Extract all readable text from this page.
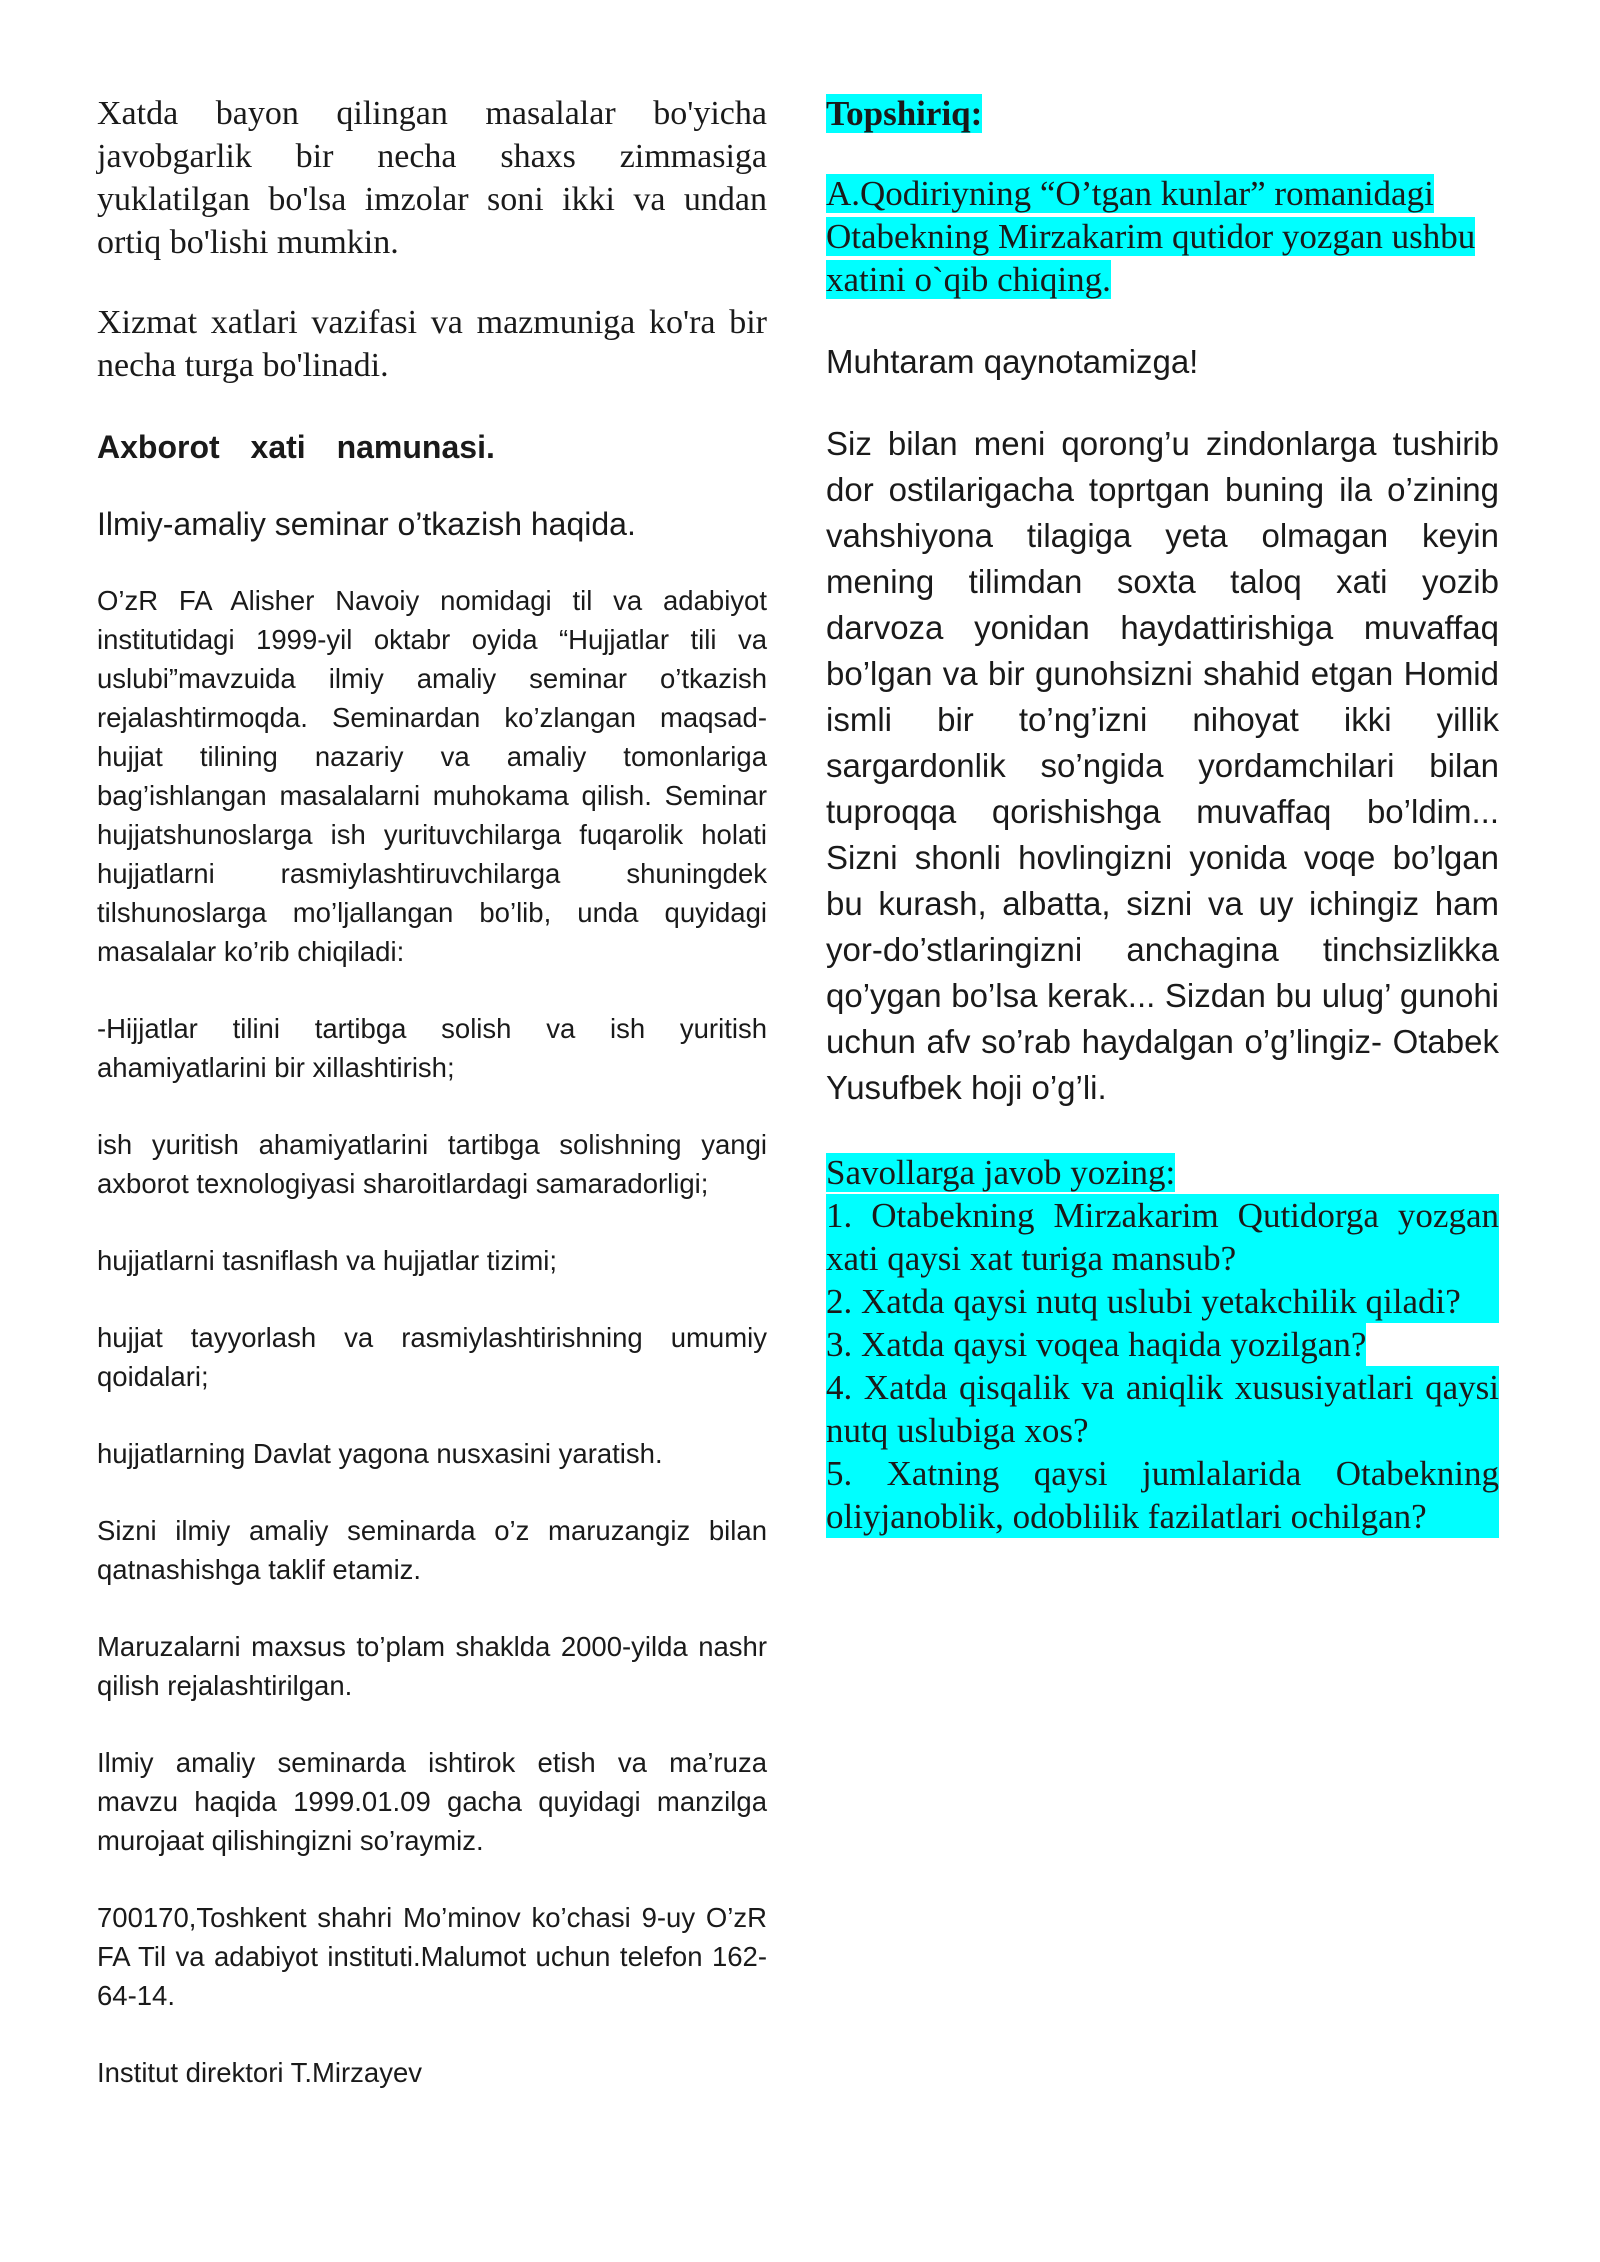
Xatda bayon qilingan masalalar bo'yicha javobgarlik bir necha shaxs zimmasiga yuklatilgan bo'lsa imzolar soni ikki va undan ortiq bo'lishi mumkin.

Xizmat xatlari vazifasi va mazmuniga ko'ra bir necha turga bo'linadi.

Axborot xati namunasi.

Ilmiy-amaliy seminar o’tkazish haqida.

O’zR FA Alisher Navoiy nomidagi til va adabiyot institutidagi 1999-yil oktabr oyida “Hujjatlar tili va uslubi”mavzuida ilmiy amaliy seminar o’tkazish rejalashtirmoqda. Seminardan ko’zlangan maqsad- hujjat tilining nazariy va amaliy tomonlariga bag’ishlangan masalalarni muhokama qilish. Seminar hujjatshunoslarga ish yurituvchilarga fuqarolik holati hujjatlarni rasmiylashtiruvchilarga shuningdek tilshunoslarga mo’ljallangan bo’lib, unda quyidagi masalalar ko’rib chiqiladi:

-Hijjatlar tilini tartibga solish va ish yuritish ahamiyatlarini bir xillashtirish;

ish yuritish ahamiyatlarini tartibga solishning yangi axborot texnologiyasi sharoitlardagi samaradorligi;

hujjatlarni tasniflash va hujjatlar tizimi;

hujjat tayyorlash va rasmiylashtirishning umumiy qoidalari;

hujjatlarning Davlat yagona nusxasini yaratish.

Sizni ilmiy amaliy seminarda o’z maruzangiz bilan qatnashishga taklif etamiz.

Maruzalarni maxsus to’plam shaklda 2000-yilda nashr qilish rejalashtirilgan.

Ilmiy amaliy seminarda ishtirok etish va ma’ruza mavzu haqida 1999.01.09 gacha quyidagi manzilga murojaat qilishingizni so’raymiz.

700170,Toshkent shahri Mo’minov ko’chasi 9-uy O’zR FA Til va adabiyot instituti.Malumot uchun telefon 162-64-14.

Institut direktori T.Mirzayev

Topshiriq:

A.Qodiriyning “O’tgan kunlar” romanidagi Otabekning Mirzakarim qutidor yozgan ushbu xatini o`qib chiqing.

Muhtaram qaynotamizga!

Siz bilan meni qorong’u zindonlarga tushirib dor ostilarigacha toprtgan buning ila o’zining vahshiyona tilagiga yeta olmagan keyin mening tilimdan soxta taloq xati yozib darvoza yonidan haydattirishiga muvaffaq bo’lgan va bir gunohsizni shahid etgan Homid ismli bir to’ng’izni nihoyat ikki yillik sargardonlik so’ngida yordamchilari bilan tuproqqa qorishishga muvaffaq bo’ldim... Sizni shonli hovlingizni yonida voqe bo’lgan bu kurash, albatta, sizni va uy ichingiz ham yor-do’stlaringizni anchagina tinchsizlikka qo’ygan bo’lsa kerak... Sizdan bu ulug’ gunohi uchun afv so’rab haydalgan o’g’lingiz- Otabek Yusufbek hoji o’g’li.

Savollarga javob yozing:

1. Otabekning Mirzakarim Qutidorga yozgan xati qaysi xat turiga mansub?

2. Xatda qaysi nutq uslubi yetakchilik qiladi?

3. Xatda qaysi voqea haqida yozilgan?

4. Xatda qisqalik va aniqlik xususiyatlari qaysi nutq uslubiga xos?

5. Xatning qaysi jumlalarida Otabekning oliyjanoblik, odoblilik fazilatlari ochilgan?
